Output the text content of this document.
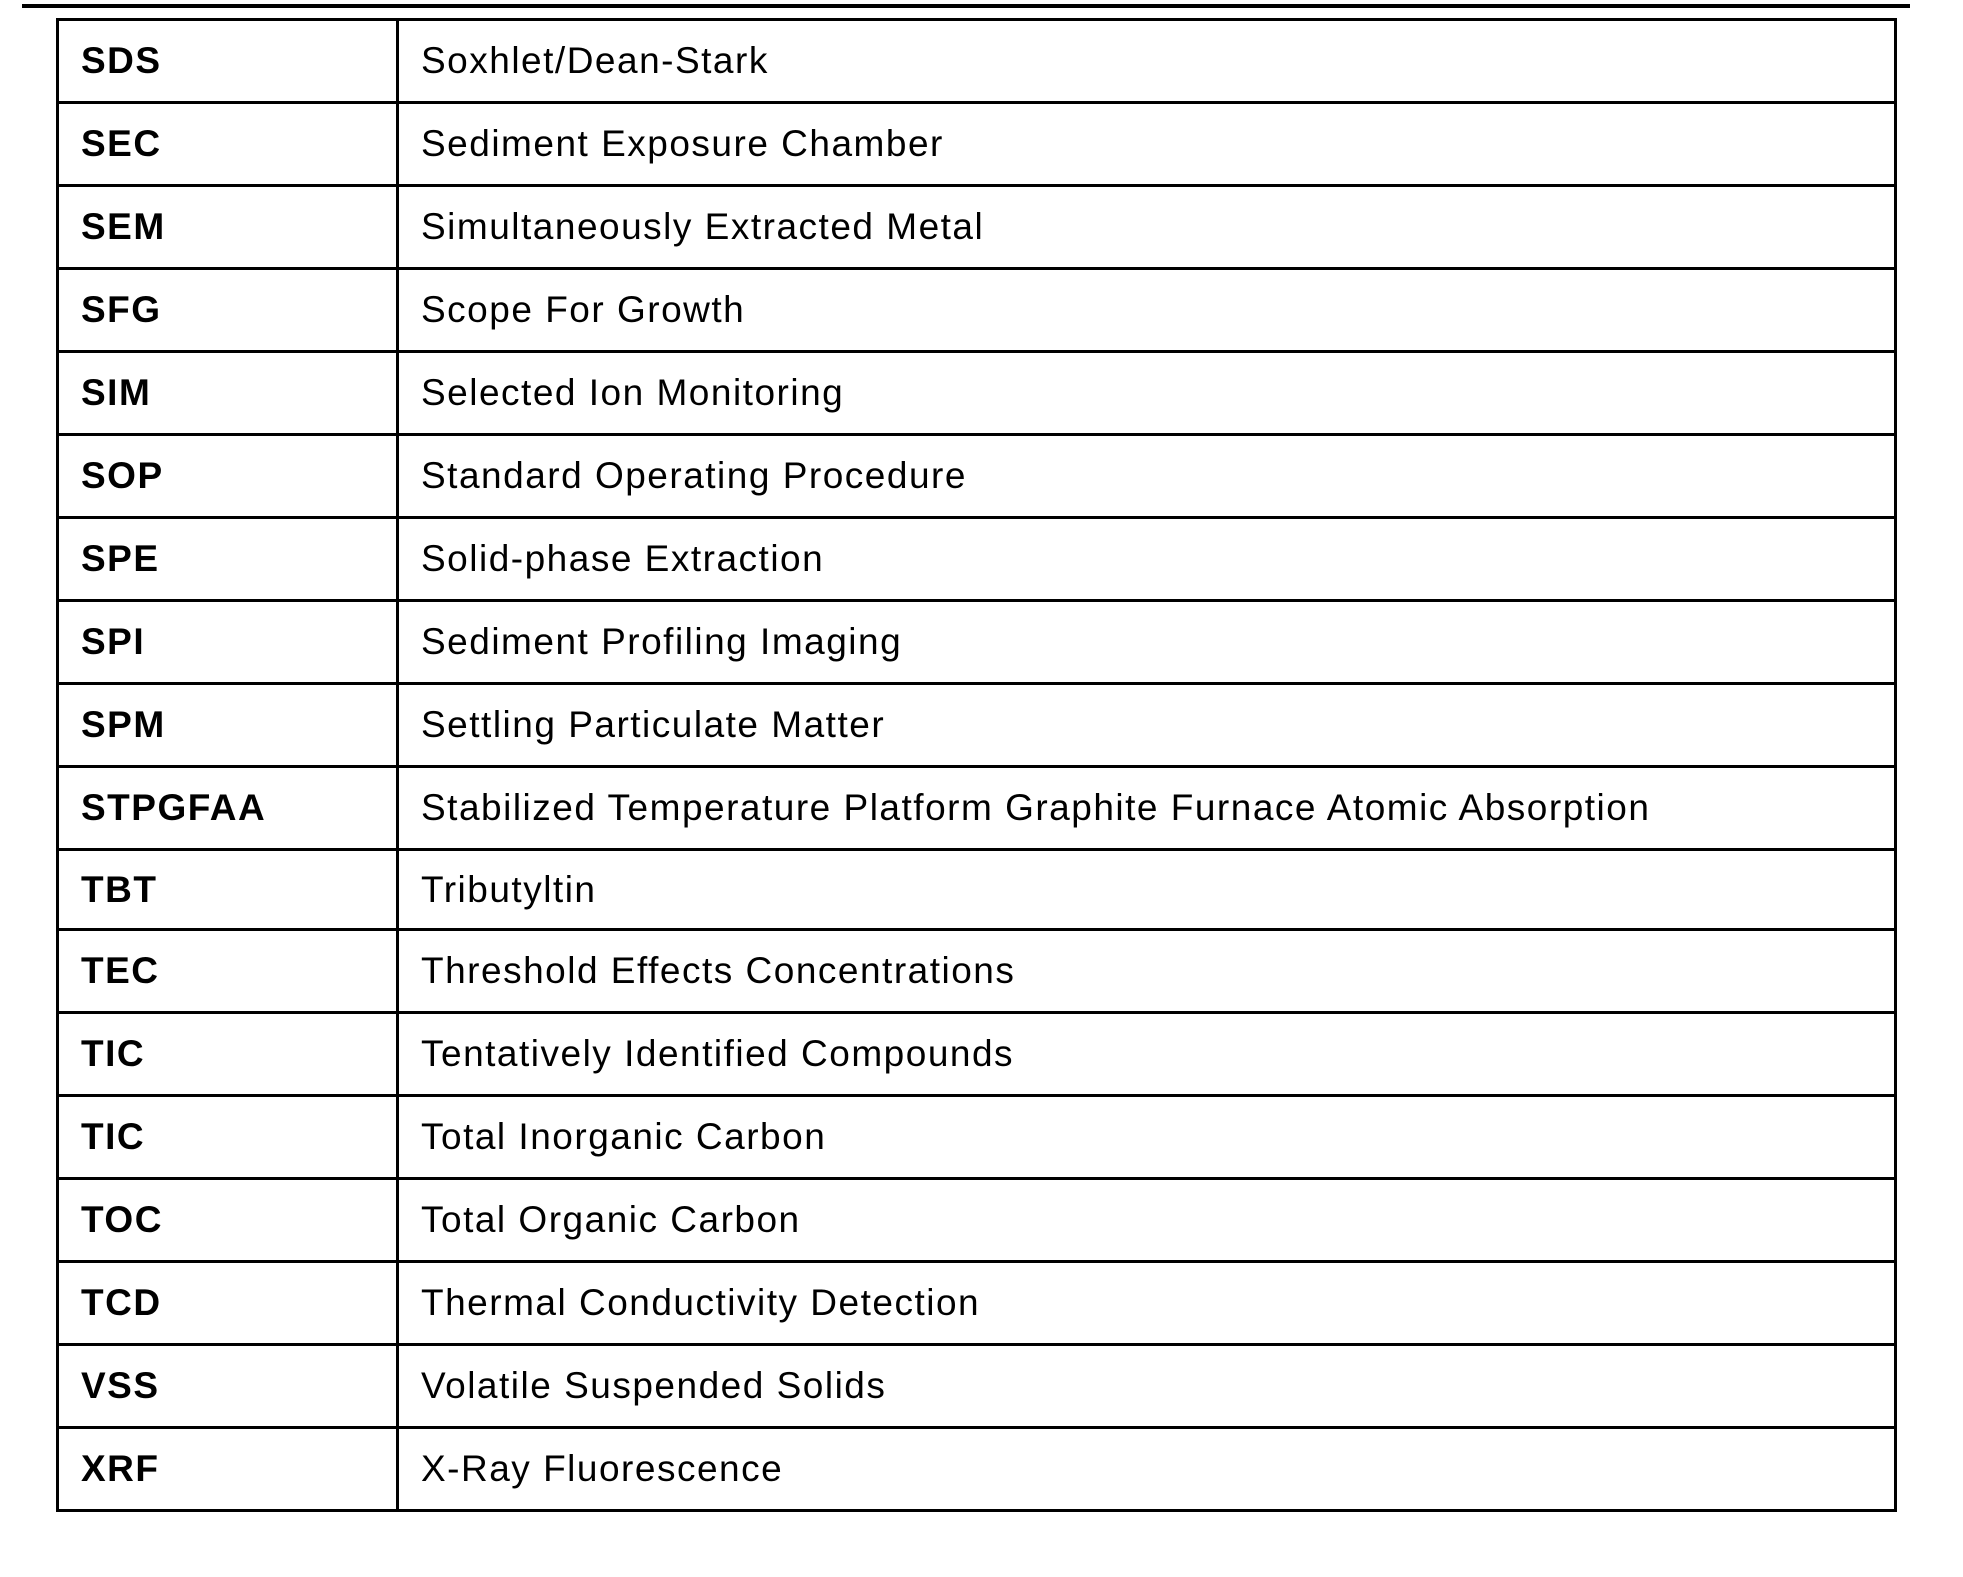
SDS	Soxhlet/Dean-Stark
SEC	Sediment Exposure Chamber
SEM	Simultaneously Extracted Metal
SFG	Scope For Growth
SIM	Selected Ion Monitoring
SOP	Standard Operating Procedure
SPE	Solid-phase Extraction
SPI	Sediment Profiling Imaging
SPM	Settling Particulate Matter
STPGFAA	Stabilized Temperature Platform Graphite Furnace Atomic Absorption
TBT	Tributyltin
TEC	Threshold Effects Concentrations
TIC	Tentatively Identified Compounds
TIC	Total Inorganic Carbon
TOC	Total Organic Carbon
TCD	Thermal Conductivity Detection
VSS	Volatile Suspended Solids
XRF	X-Ray Fluorescence
